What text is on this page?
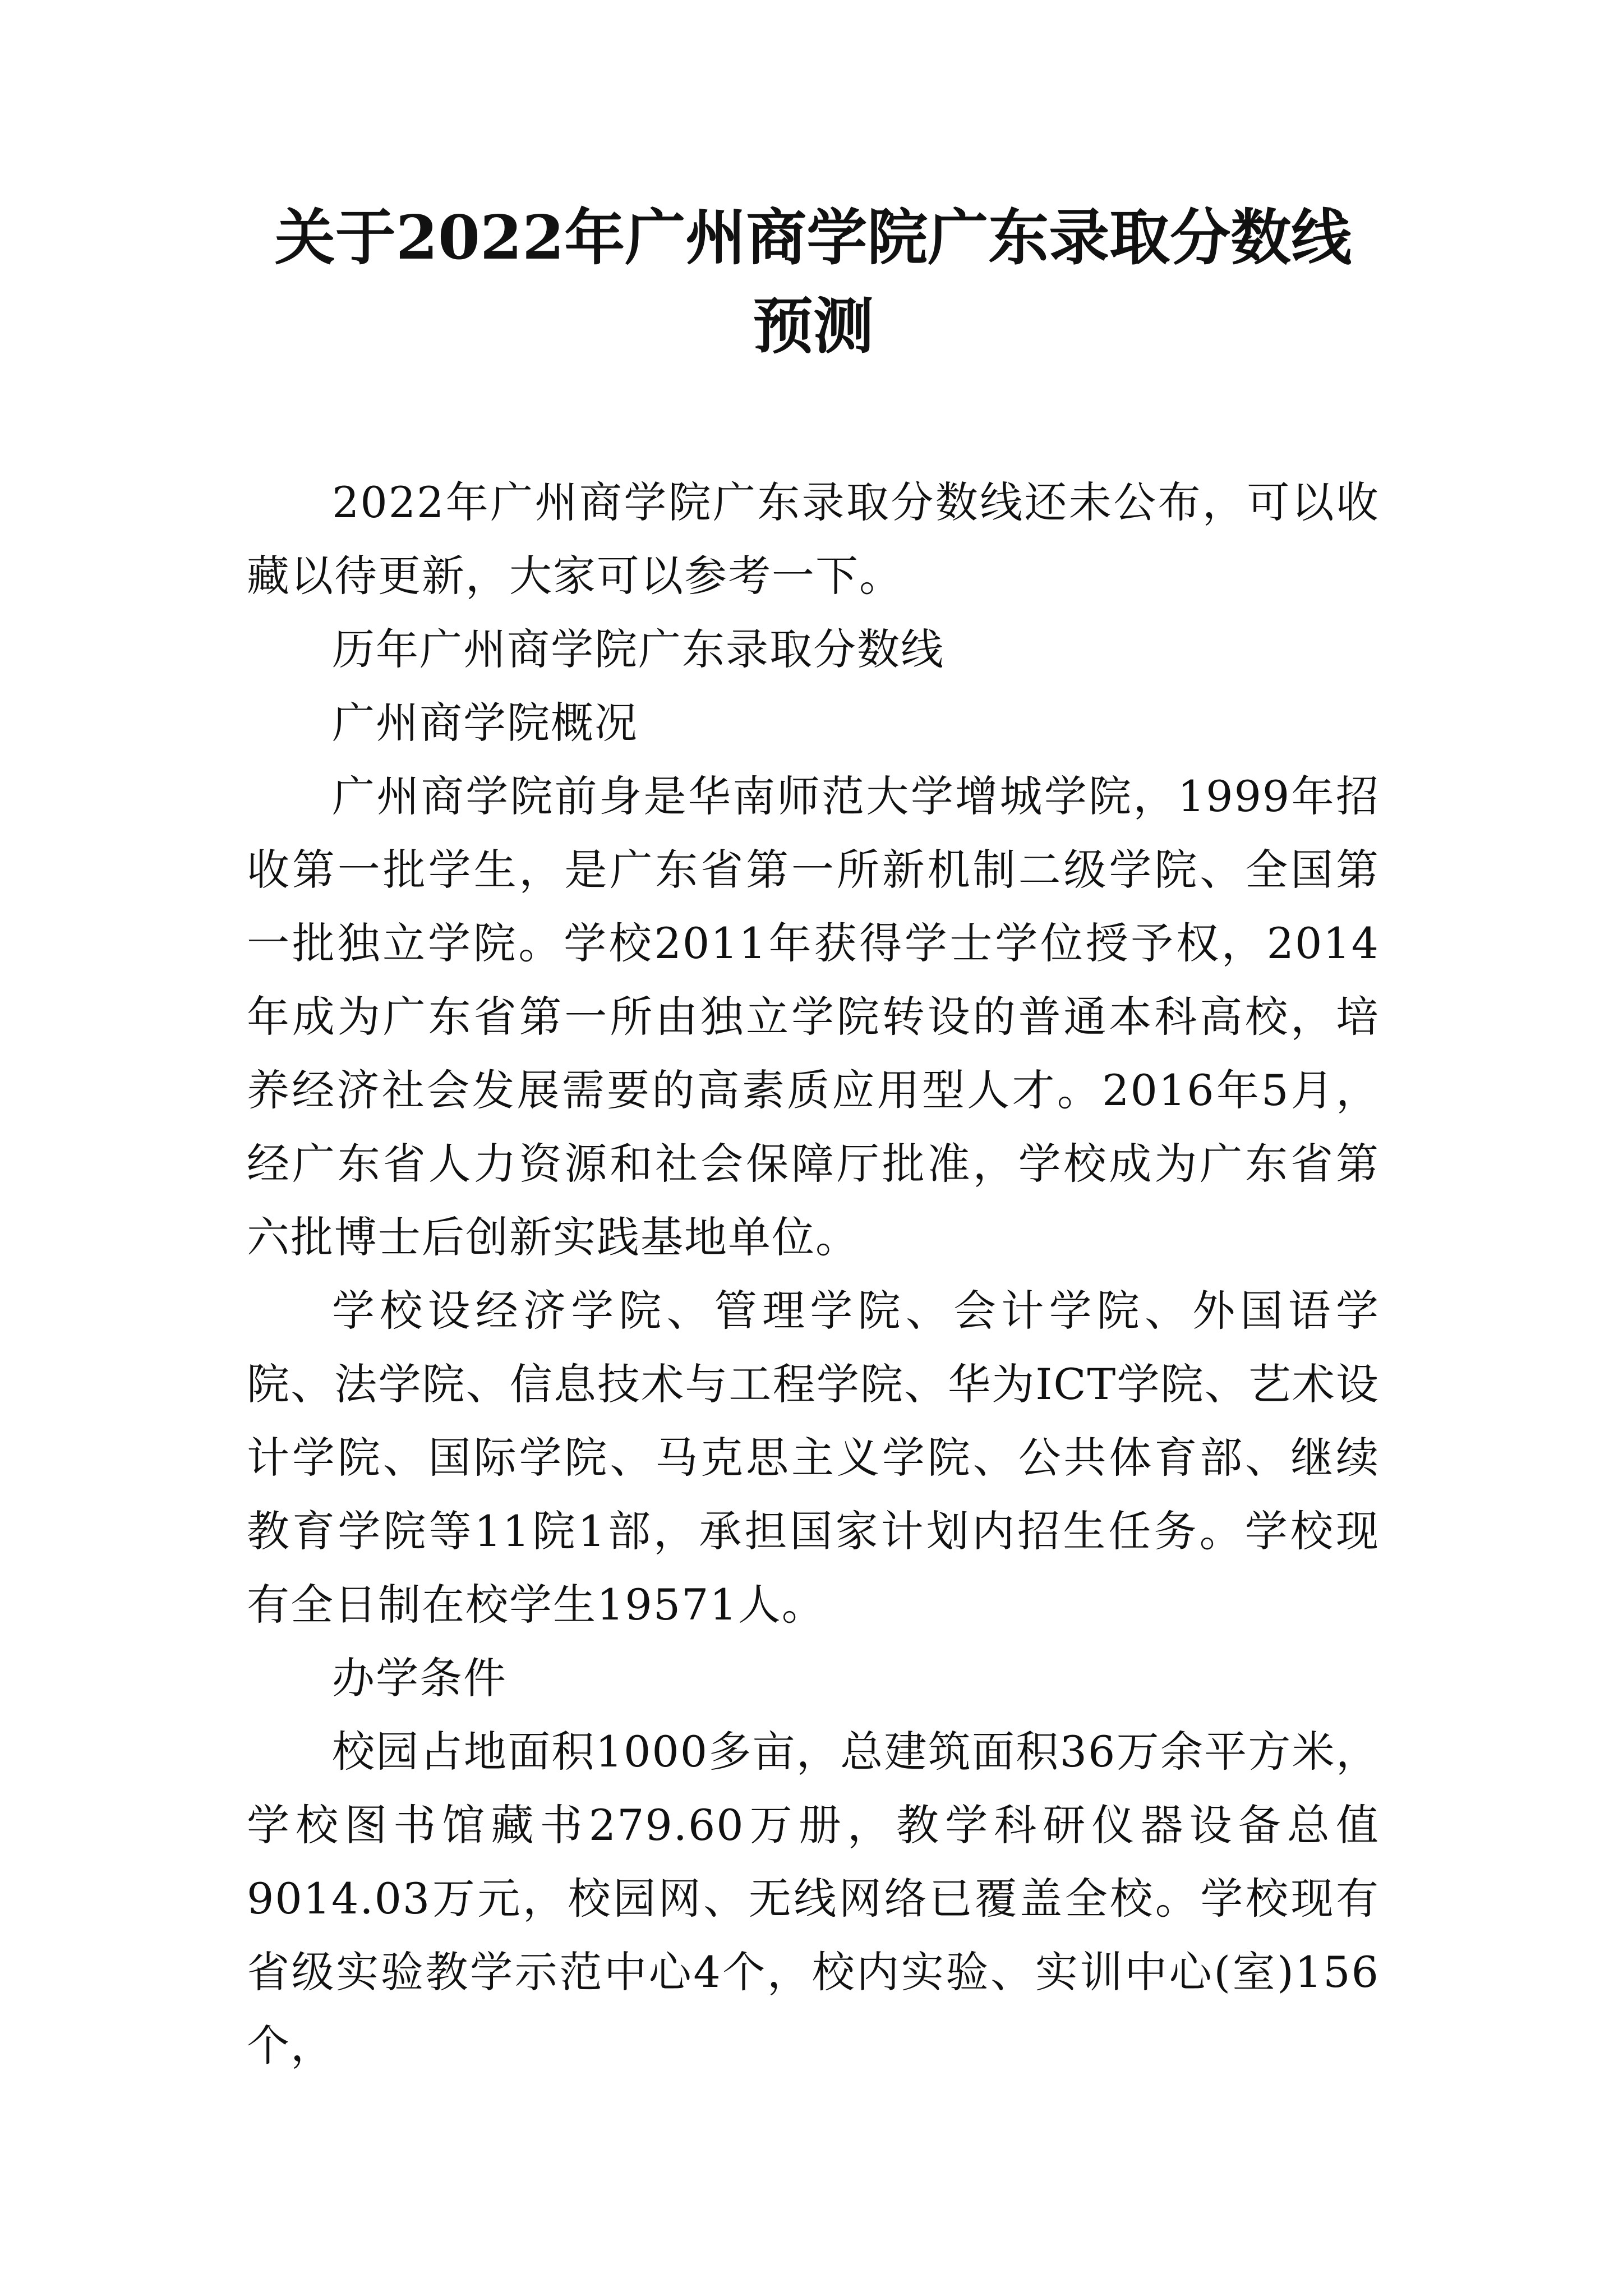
关于2022年广州商学院广东录取分数线预测

2022年广州商学院广东录取分数线还未公布，可以收藏以待更新，大家可以参考一下。

历年广州商学院广东录取分数线

广州商学院概况

广州商学院前身是华南师范大学增城学院，1999年招收第一批学生，是广东省第一所新机制二级学院、全国第一批独立学院。学校2011年获得学士学位授予权，2014年成为广东省第一所由独立学院转设的普通本科高校，培养经济社会发展需要的高素质应用型人才。2016年5月，经广东省人力资源和社会保障厅批准，学校成为广东省第六批博士后创新实践基地单位。

学校设经济学院、管理学院、会计学院、外国语学院、法学院、信息技术与工程学院、华为ICT学院、艺术设计学院、国际学院、马克思主义学院、公共体育部、继续教育学院等11院1部，承担国家计划内招生任务。学校现有全日制在校学生19571人。

办学条件

校园占地面积1000多亩，总建筑面积36万余平方米，学校图书馆藏书279.60万册，教学科研仪器设备总值9014.03万元，校园网、无线网络已覆盖全校。学校现有省级实验教学示范中心4个，校内实验、实训中心(室)156个，
